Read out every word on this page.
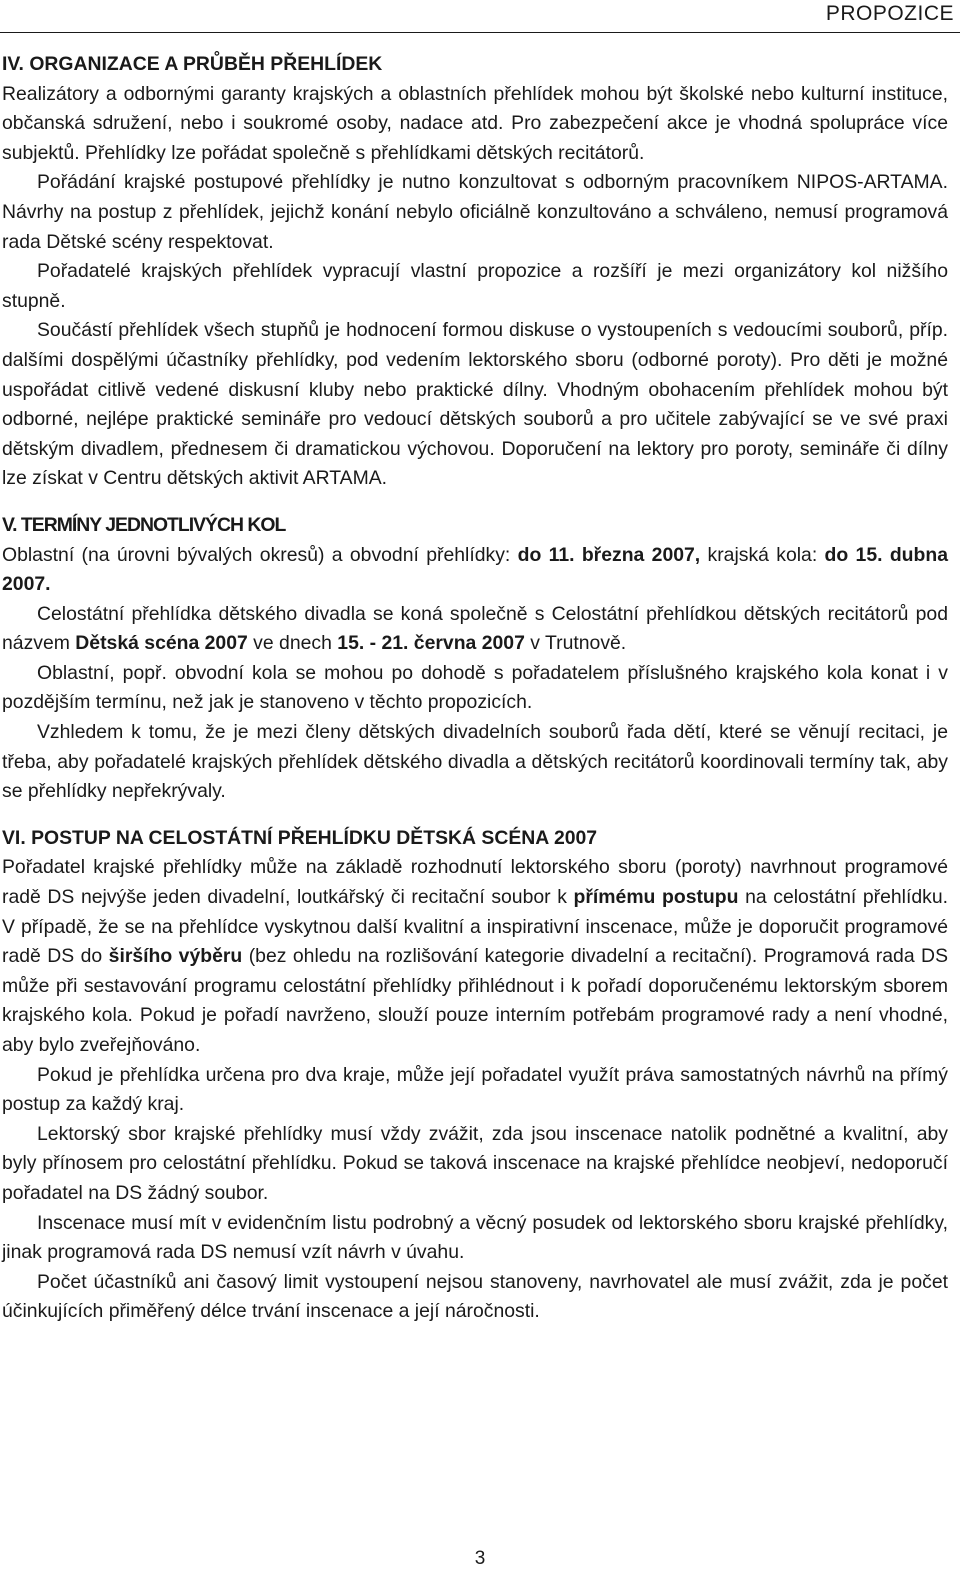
PROPOZICE
IV. ORGANIZACE A PRŮBĚH PŘEHLÍDEK

Realizátory a odbornými garanty krajských a oblastních přehlídek mohou být školské nebo kulturní instituce, občanská sdružení, nebo i soukromé osoby, nadace atd. Pro zabezpečení akce je vhodná spolupráce více subjektů. Přehlídky lze pořádat společně s přehlídkami dětských recitátorů.

Pořádání krajské postupové přehlídky je nutno konzultovat s odborným pracovníkem NIPOS-ARTAMA. Návrhy na postup z přehlídek, jejichž konání nebylo oficiálně konzultováno a schváleno, nemusí programová rada Dětské scény respektovat.

Pořadatelé krajských přehlídek vypracují vlastní propozice a rozšíří je mezi organizátory kol nižšího stupně.

Součástí přehlídek všech stupňů je hodnocení formou diskuse o vystoupeních s vedoucími souborů, příp. dalšími dospělými účastníky přehlídky, pod vedením lektorského sboru (odborné poroty). Pro děti je možné uspořádat citlivě vedené diskusní kluby nebo praktické dílny. Vhodným obohacením přehlídek mohou být odborné, nejlépe praktické semináře pro vedoucí dětských souborů a pro učitele zabývající se ve své praxi dětským divadlem, přednesem či dramatickou výchovou. Doporučení na lektory pro poroty, semináře či dílny lze získat v Centru dětských aktivit ARTAMA.

V. TERMÍNY JEDNOTLIVÝCH KOL

Oblastní (na úrovni bývalých okresů) a obvodní přehlídky: do 11. března 2007, krajská kola: do 15. dubna 2007.

Celostátní přehlídka dětského divadla se koná společně s Celostátní přehlídkou dětských recitátorů pod názvem Dětská scéna 2007 ve dnech 15. - 21. června 2007 v Trutnově.

Oblastní, popř. obvodní kola se mohou po dohodě s pořadatelem příslušného krajského kola konat i v pozdějším termínu, než jak je stanoveno v těchto propozicích.

Vzhledem k tomu, že je mezi členy dětských divadelních souborů řada dětí, které se věnují recitaci, je třeba, aby pořadatelé krajských přehlídek dětského divadla a dětských recitátorů koordinovali termíny tak, aby se přehlídky nepřekrývaly.

VI. POSTUP NA CELOSTÁTNÍ PŘEHLÍDKU DĚTSKÁ SCÉNA 2007

Pořadatel krajské přehlídky může na základě rozhodnutí lektorského sboru (poroty) navrhnout programové radě DS nejvýše jeden divadelní, loutkářský či recitační soubor k přímému postupu na celostátní přehlídku. V případě, že se na přehlídce vyskytnou další kvalitní a inspirativní inscenace, může je doporučit programové radě DS do širšího výběru (bez ohledu na rozlišování kategorie divadelní a recitační). Programová rada DS může při sestavování programu celostátní přehlídky přihlédnout i k pořadí doporučenému lektorským sborem krajského kola. Pokud je pořadí navrženo, slouží pouze interním potřebám programové rady a není vhodné, aby bylo zveřejňováno.

Pokud je přehlídka určena pro dva kraje, může její pořadatel využít práva samostatných návrhů na přímý postup za každý kraj.

Lektorský sbor krajské přehlídky musí vždy zvážit, zda jsou inscenace natolik podnětné a kvalitní, aby byly přínosem pro celostátní přehlídku. Pokud se taková inscenace na krajské přehlídce neobjeví, nedoporučí pořadatel na DS žádný soubor.

Inscenace musí mít v evidenčním listu podrobný a věcný posudek od lektorského sboru krajské přehlídky, jinak programová rada DS nemusí vzít návrh v úvahu.

Počet účastníků ani časový limit vystoupení nejsou stanoveny, navrhovatel ale musí zvážit, zda je počet účinkujících přiměřený délce trvání inscenace a její náročnosti.

3
